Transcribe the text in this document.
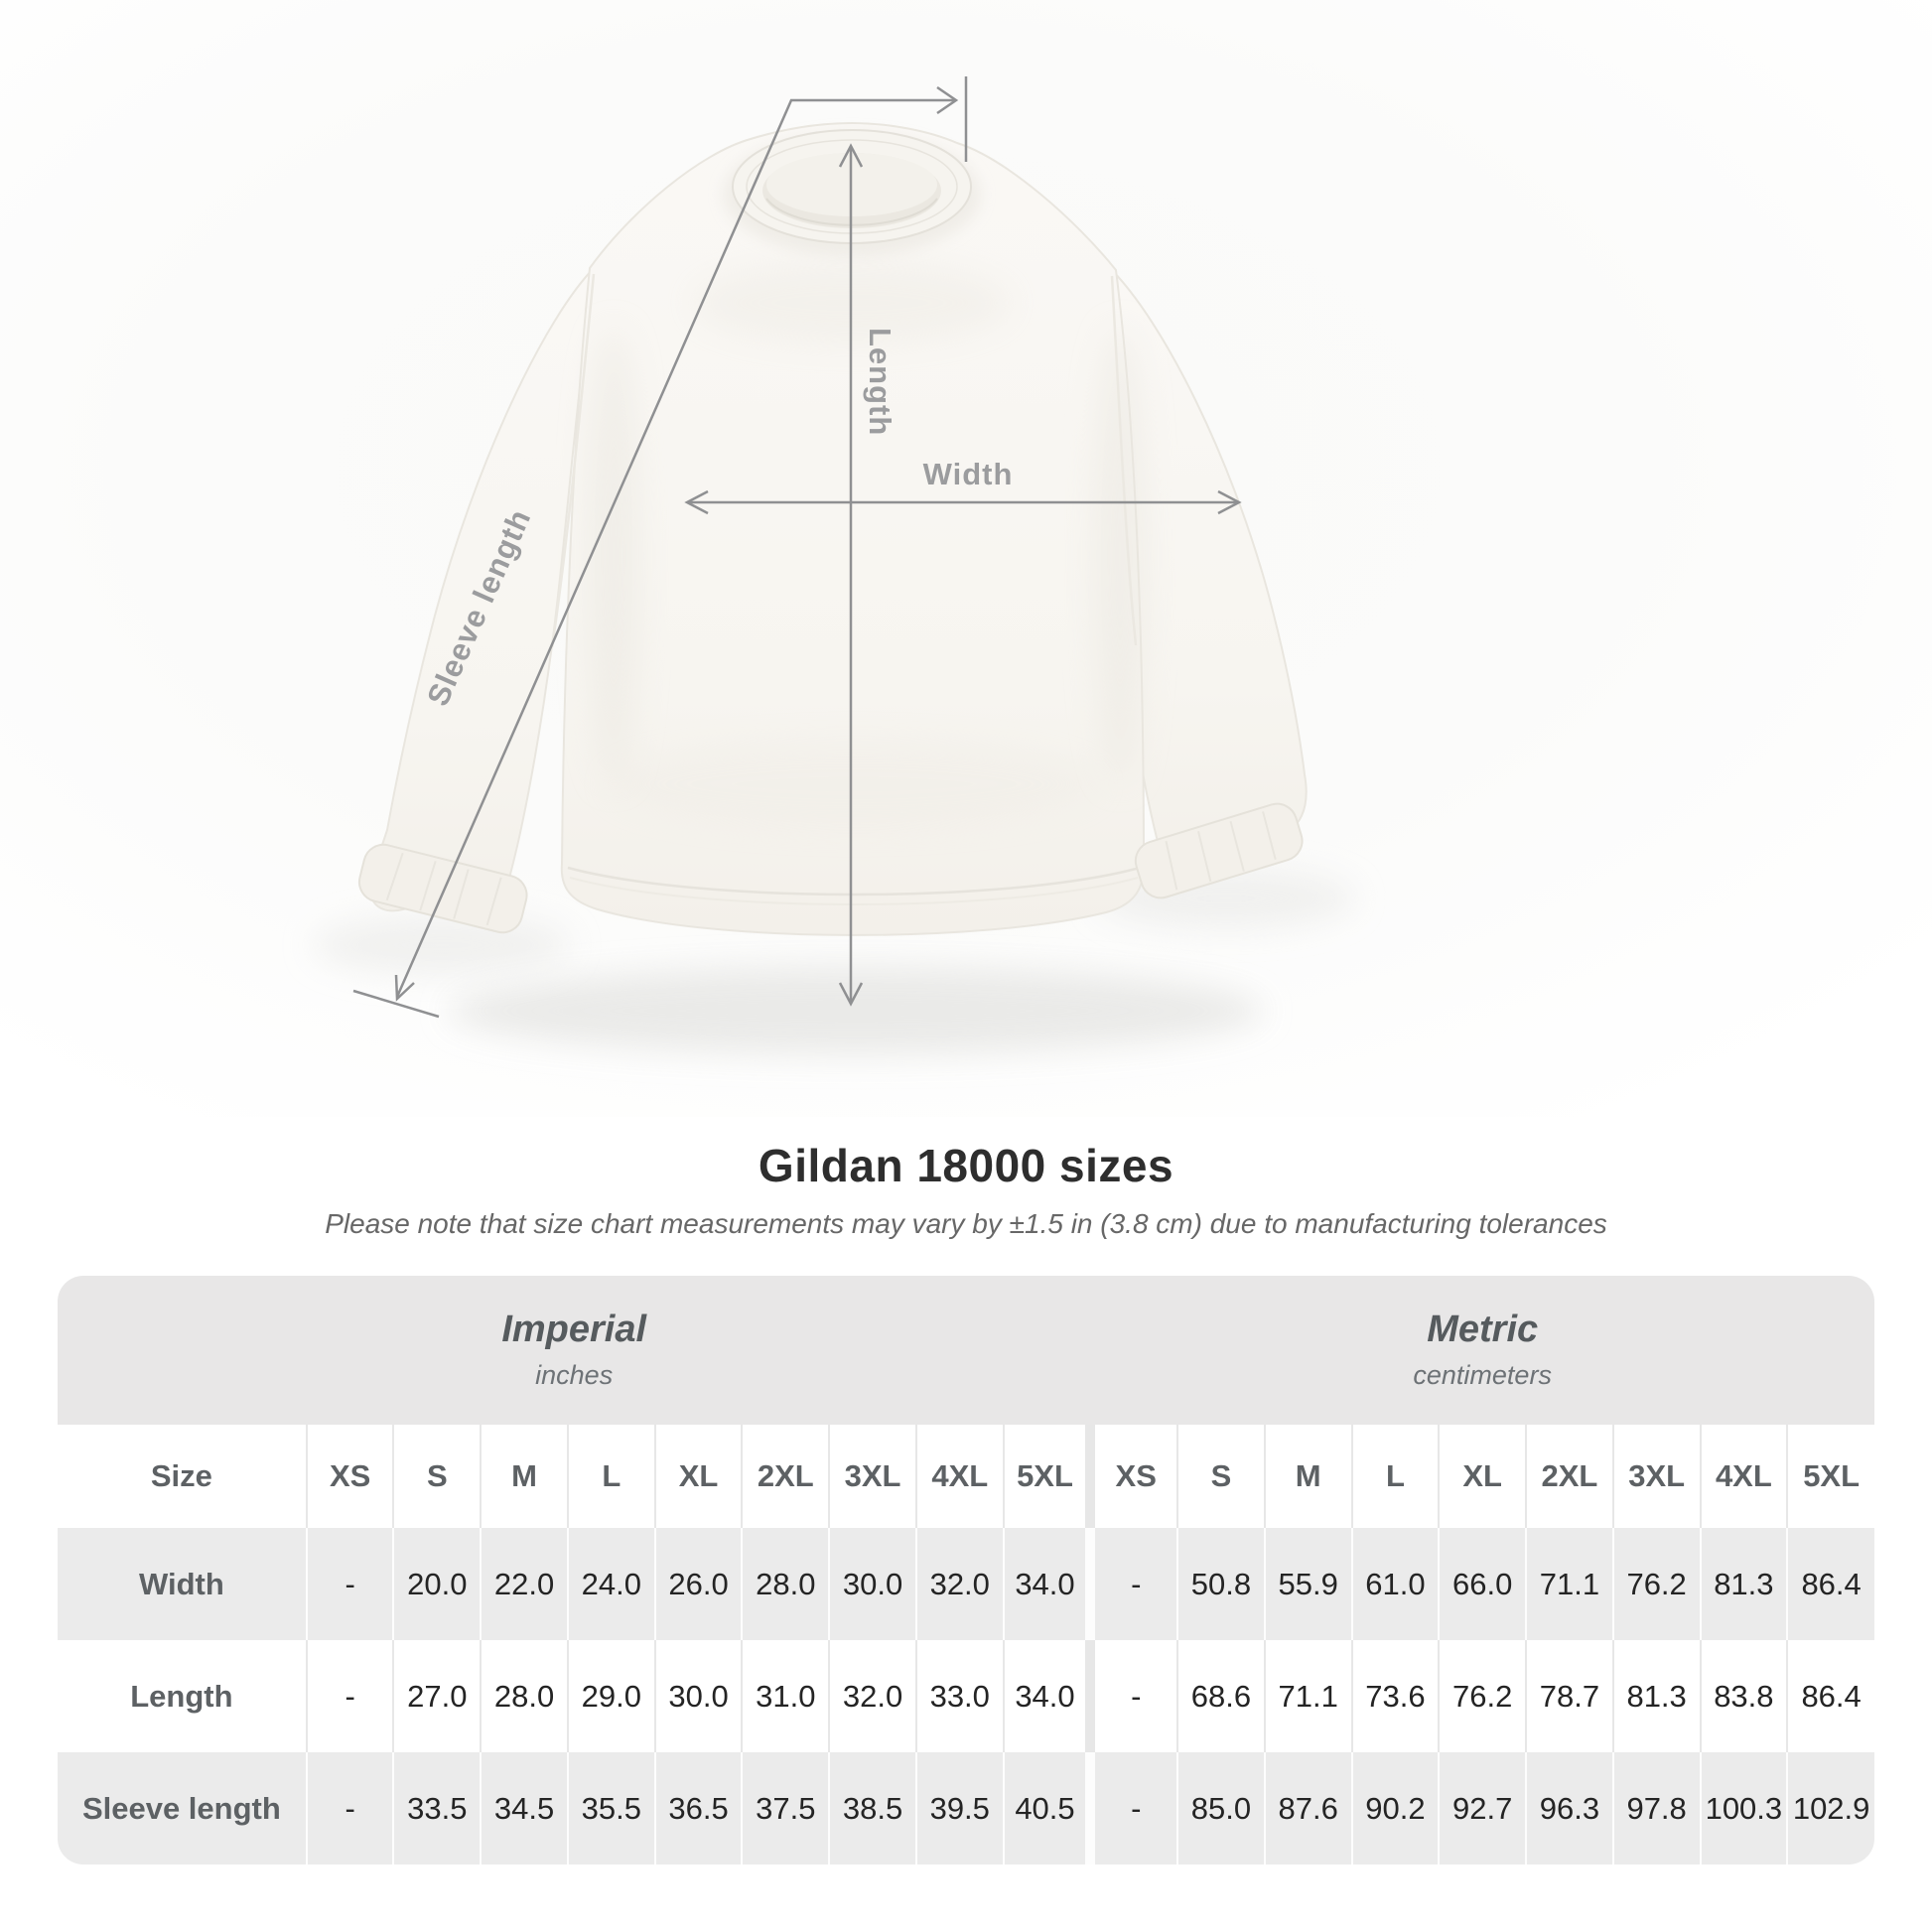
Length
Width
Sleeve length
Gildan 18000 sizes

Please note that size chart measurements may vary by ±1.5 in (3.8 cm) due to manufacturing tolerances

Imperial
inches										Metric
centimeters								

Size	XS	S	M	L	XL	2XL	3XL	4XL	5XL	XS	S	M	L	XL	2XL	3XL	4XL	5XL
Width	-	20.0	22.0	24.0	26.0	28.0	30.0	32.0	34.0	-	50.8	55.9	61.0	66.0	71.1	76.2	81.3	86.4
Length	-	27.0	28.0	29.0	30.0	31.0	32.0	33.0	34.0	-	68.6	71.1	73.6	76.2	78.7	81.3	83.8	86.4
Sleeve length	-	33.5	34.5	35.5	36.5	37.5	38.5	39.5	40.5	-	85.0	87.6	90.2	92.7	96.3	97.8	100.3	102.9
